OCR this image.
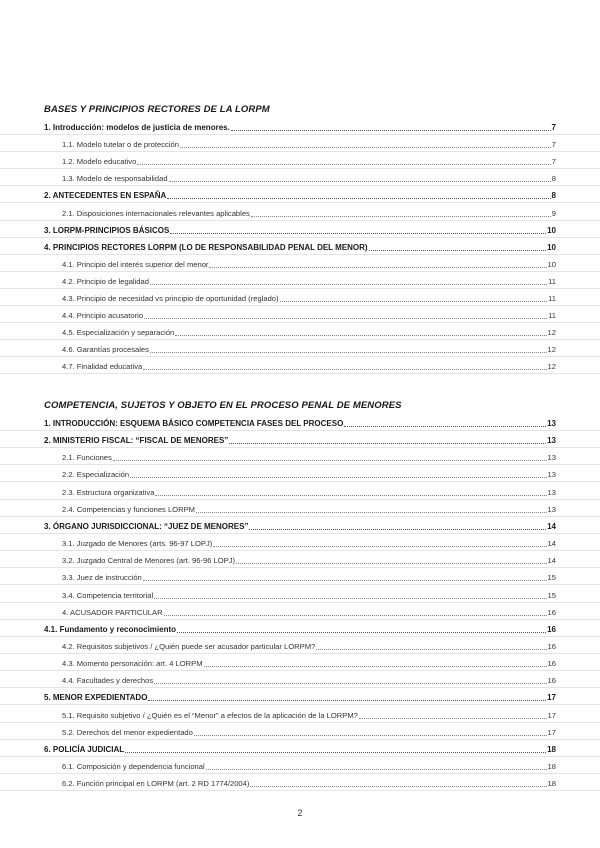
BASES Y PRINCIPIOS RECTORES DE LA LORPM
1. Introducción: modelos de justicia de menores.	7
1.1. Modelo tutelar o de protección	7
1.2. Modelo educativo	7
1.3. Modelo de responsabilidad	8
2. ANTECEDENTES EN ESPAÑA	8
2.1. Disposiciones internacionales relevantes aplicables	9
3. LORPM-PRINCIPIOS BÁSICOS	10
4. PRINCIPIOS RECTORES LORPM (LO DE RESPONSABILIDAD PENAL DEL MENOR)	10
4.1. Principio del interés superior del menor	10
4.2. Principio de legalidad	11
4.3. Principio de necesidad vs principio de oportunidad (reglado)	11
4.4. Principio acusatorio	11
4.5. Especialización y separación	12
4.6. Garantías procesales	12
4.7. Finalidad educativa	12
COMPETENCIA, SUJETOS Y OBJETO EN EL PROCESO PENAL DE MENORES
1. INTRODUCCIÓN: ESQUEMA BÁSICO COMPETENCIA FASES DEL PROCESO	13
2. MINISTERIO FISCAL: “FISCAL DE MENORES”	13
2.1. Funciones	13
2.2. Especialización	13
2.3. Estructura organizativa	13
2.4. Competencias y funciones LORPM	13
3. ÓRGANO JURISDICCIONAL: “JUEZ DE MENORES”	14
3.1. Juzgado de Menores (arts. 96-97 LOPJ)	14
3.2. Juzgado Central de Menores (art. 96-96 LOPJ)	14
3.3. Juez de instrucción	15
3.4. Competencia territorial	15
4. ACUSADOR PARTICULAR	16
4.1. Fundamento y reconocimiento	16
4.2. Requisitos subjetivos / ¿Quién puede ser acusador particular LORPM?	16
4.3. Momento personación: art. 4 LORPM	16
4.4. Facultades y derechos	16
5. MENOR EXPEDIENTADO	17
5.1. Requisito subjetivo / ¿Quién es el “Menor” a efectos de la aplicación de la LORPM?	17
5.2. Derechos del menor expedientado	17
6. POLICÍA JUDICIAL	18
6.1. Composición y dependencia funcional	18
6.2. Función principal en LORPM (art. 2 RD 1774/2004)	18
2
